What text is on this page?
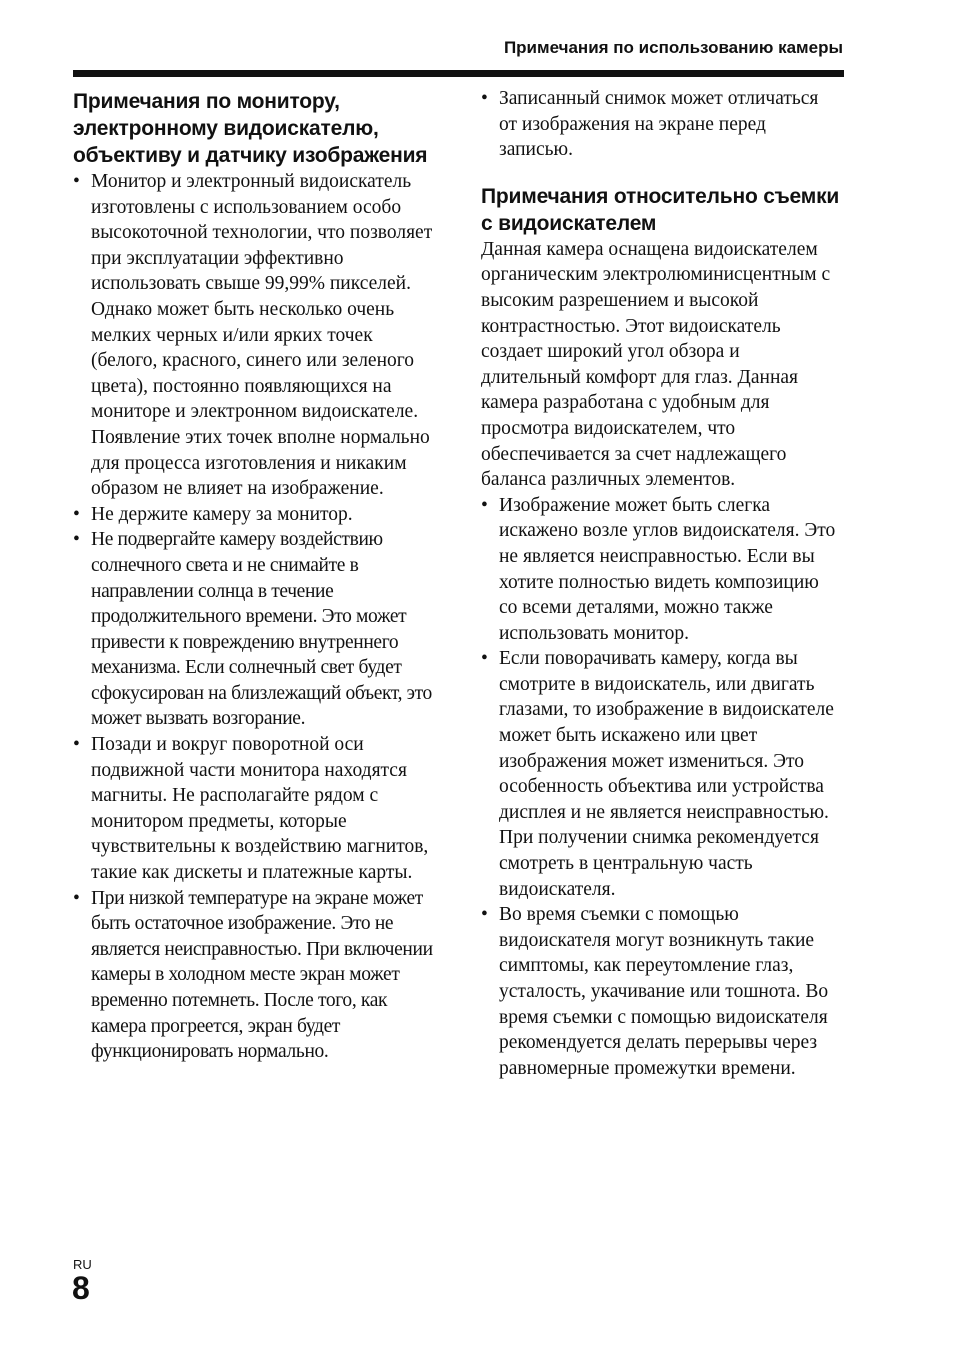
Примечания по использованию камеры
Примечания по монитору, электронному видоискателю, объективу и датчику изображения
• Монитор и электронный видоискатель изготовлены с использованием особо высокоточной технологии, что позволяет при эксплуатации эффективно использовать свыше 99,99% пикселей. Однако может быть несколько очень мелких черных и/или ярких точек (белого, красного, синего или зеленого цвета), постоянно появляющихся на мониторе и электронном видоискателе. Появление этих точек вполне нормально для процесса изготовления и никаким образом не влияет на изображение.
• Не держите камеру за монитор.
• Не подвергайте камеру воздействию солнечного света и не снимайте в направлении солнца в течение продолжительного времени. Это может привести к повреждению внутреннего механизма. Если солнечный свет будет сфокусирован на близлежащий объект, это может вызвать возгорание.
• Позади и вокруг поворотной оси подвижной части монитора находятся магниты. Не располагайте рядом с монитором предметы, которые чувствительны к воздействию магнитов, такие как дискеты и платежные карты.
• При низкой температуре на экране может быть остаточное изображение. Это не является неисправностью. При включении камеры в холодном месте экран может временно потемнеть. После того, как камера прогреется, экран будет функционировать нормально.
• Записанный снимок может отличаться от изображения на экране перед записью.
Примечания относительно съемки с видоискателем

Данная камера оснащена видоискателем органическим электролюминисцентным с высоким разрешением и высокой контрастностью. Этот видоискатель создает широкий угол обзора и длительный комфорт для глаз. Данная камера разработана с удобным для просмотра видоискателем, что обеспечивается за счет надлежащего баланса различных элементов.

• Изображение может быть слегка искажено возле углов видоискателя. Это не является неисправностью. Если вы хотите полностью видеть композицию со всеми деталями, можно также использовать монитор.
• Если поворачивать камеру, когда вы смотрите в видоискатель, или двигать глазами, то изображение в видоискателе может быть искажено или цвет изображения может измениться. Это особенность объектива или устройства дисплея и не является неисправностью. При получении снимка рекомендуется смотреть в центральную часть видоискателя.
• Во время съемки с помощью видоискателя могут возникнуть такие симптомы, как переутомление глаз, усталость, укачивание или тошнота. Во время съемки с помощью видоискателя рекомендуется делать перерывы через равномерные промежутки времени.
RU
8
